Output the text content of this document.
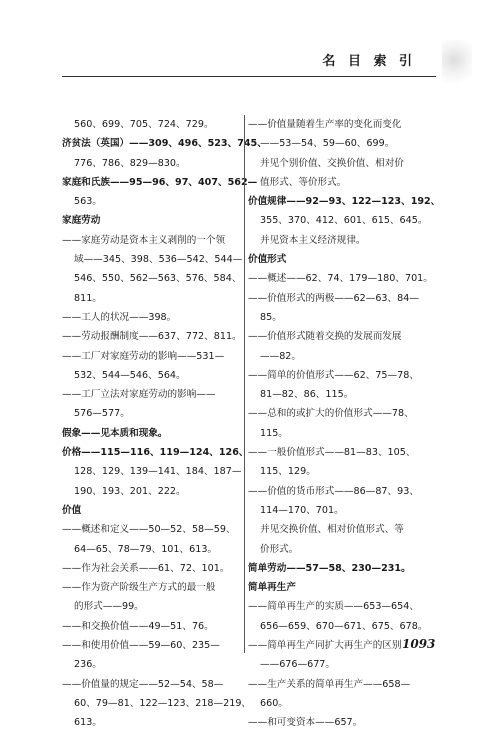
名 目 索 引
560、699、705、724、729。
济贫法（英国）——309、496、523、745、
776、786、829—830。
家庭和氏族——95—96、97、407、562—
563。
家庭劳动
——家庭劳动是资本主义剥削的一个领
域——345、398、536—542、544—
546、550、562—563、576、584、
811。
——工人的状况——398。
——劳动报酬制度——637、772、811。
——工厂对家庭劳动的影响——531—
532、544—546、564。
——工厂立法对家庭劳动的影响——
576—577。
假象——见本质和现象。
价格——115—116、119—124、126、
128、129、139—141、184、187—
190、193、201、222。
价值
——概述和定义——50—52、58—59、
64—65、78—79、101、613。
——作为社会关系——61、72、101。
——作为资产阶级生产方式的最一般
的形式——99。
——和交换价值——49—51、76。
——和使用价值——59—60、235—
236。
——价值量的规定——52—54、58—
60、79—81、122—123、218—219、
613。
——价值量随着生产率的变化而变化
——53—54、59—60、699。
并见个别价值、交换价值、相对价
值形式、等价形式。
价值规律——92—93、122—123、192、
355、370、412、601、615、645。
并见资本主义经济规律。
价值形式
——概述——62、74、179—180、701。
——价值形式的两极——62—63、84—
85。
——价值形式随着交换的发展而发展
——82。
——简单的价值形式——62、75—78、
81—82、86、115。
——总和的或扩大的价值形式——78、
115。
——一般价值形式——81—83、105、
115、129。
——价值的货币形式——86—87、93、
114—170、701。
并见交换价值、相对价值形式、等
价形式。
简单劳动——57—58、230—231。
简单再生产
——简单再生产的实质——653—654、
656—659、670—671、675、678。
——简单再生产同扩大再生产的区别
——676—677。
——生产关系的简单再生产——658—
660。
——和可变资本——657。
1093
